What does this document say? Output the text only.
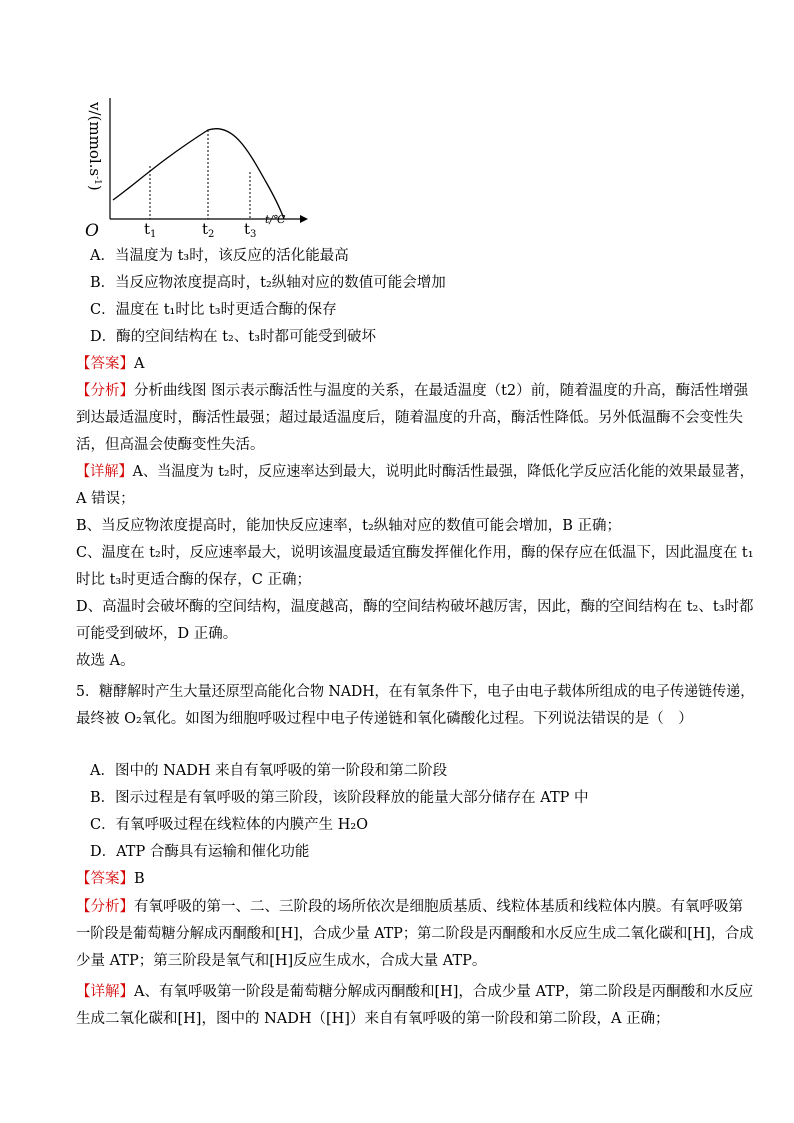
$v/(mmol.s^{-1})$
O	$t_1$	$t_2$ $t_3$
t/℃
A．当温度为 t₃时，该反应的活化能最高
B．当反应物浓度提高时，t₂纵轴对应的数值可能会增加
C．温度在 t₁时比 t₃时更适合酶的保存
D．酶的空间结构在 t₂、t₃时都可能受到破坏
【答案】A
【分析】分析曲线图 图示表示酶活性与温度的关系，在最适温度（t2）前，随着温度的升高，酶活性增强
到达最适温度时，酶活性最强；超过最适温度后，随着温度的升高，酶活性降低。另外低温酶不会变性失
活，但高温会使酶变性失活。
【详解】A、当温度为 t₂时，反应速率达到最大，说明此时酶活性最强，降低化学反应活化能的效果最显著，
A 错误；
B、当反应物浓度提高时，能加快反应速率，t₂纵轴对应的数值可能会增加，B 正确；
C、温度在 t₂时，反应速率最大，说明该温度最适宜酶发挥催化作用，酶的保存应在低温下，因此温度在 t₁
时比 t₃时更适合酶的保存，C 正确；
D、高温时会破坏酶的空间结构，温度越高，酶的空间结构破坏越厉害，因此，酶的空间结构在 t₂、t₃时都
可能受到破坏，D 正确。
故选 A。
5．糖酵解时产生大量还原型高能化合物 NADH，在有氧条件下，电子由电子载体所组成的电子传递链传递，
最终被 O₂氧化。如图为细胞呼吸过程中电子传递链和氧化磷酸化过程。下列说法错误的是（　）
A．图中的 NADH 来自有氧呼吸的第一阶段和第二阶段
B．图示过程是有氧呼吸的第三阶段，该阶段释放的能量大部分储存在 ATP 中
C．有氧呼吸过程在线粒体的内膜产生 H₂O
D．ATP 合酶具有运输和催化功能
【答案】B
【分析】有氧呼吸的第一、二、三阶段的场所依次是细胞质基质、线粒体基质和线粒体内膜。有氧呼吸第
一阶段是葡萄糖分解成丙酮酸和[H]，合成少量 ATP；第二阶段是丙酮酸和水反应生成二氧化碳和[H]，合成
少量 ATP；第三阶段是氧气和[H]反应生成水，合成大量 ATP。
【详解】A、有氧呼吸第一阶段是葡萄糖分解成丙酮酸和[H]，合成少量 ATP，第二阶段是丙酮酸和水反应
生成二氧化碳和[H]，图中的 NADH（[H]）来自有氧呼吸的第一阶段和第二阶段，A 正确；
